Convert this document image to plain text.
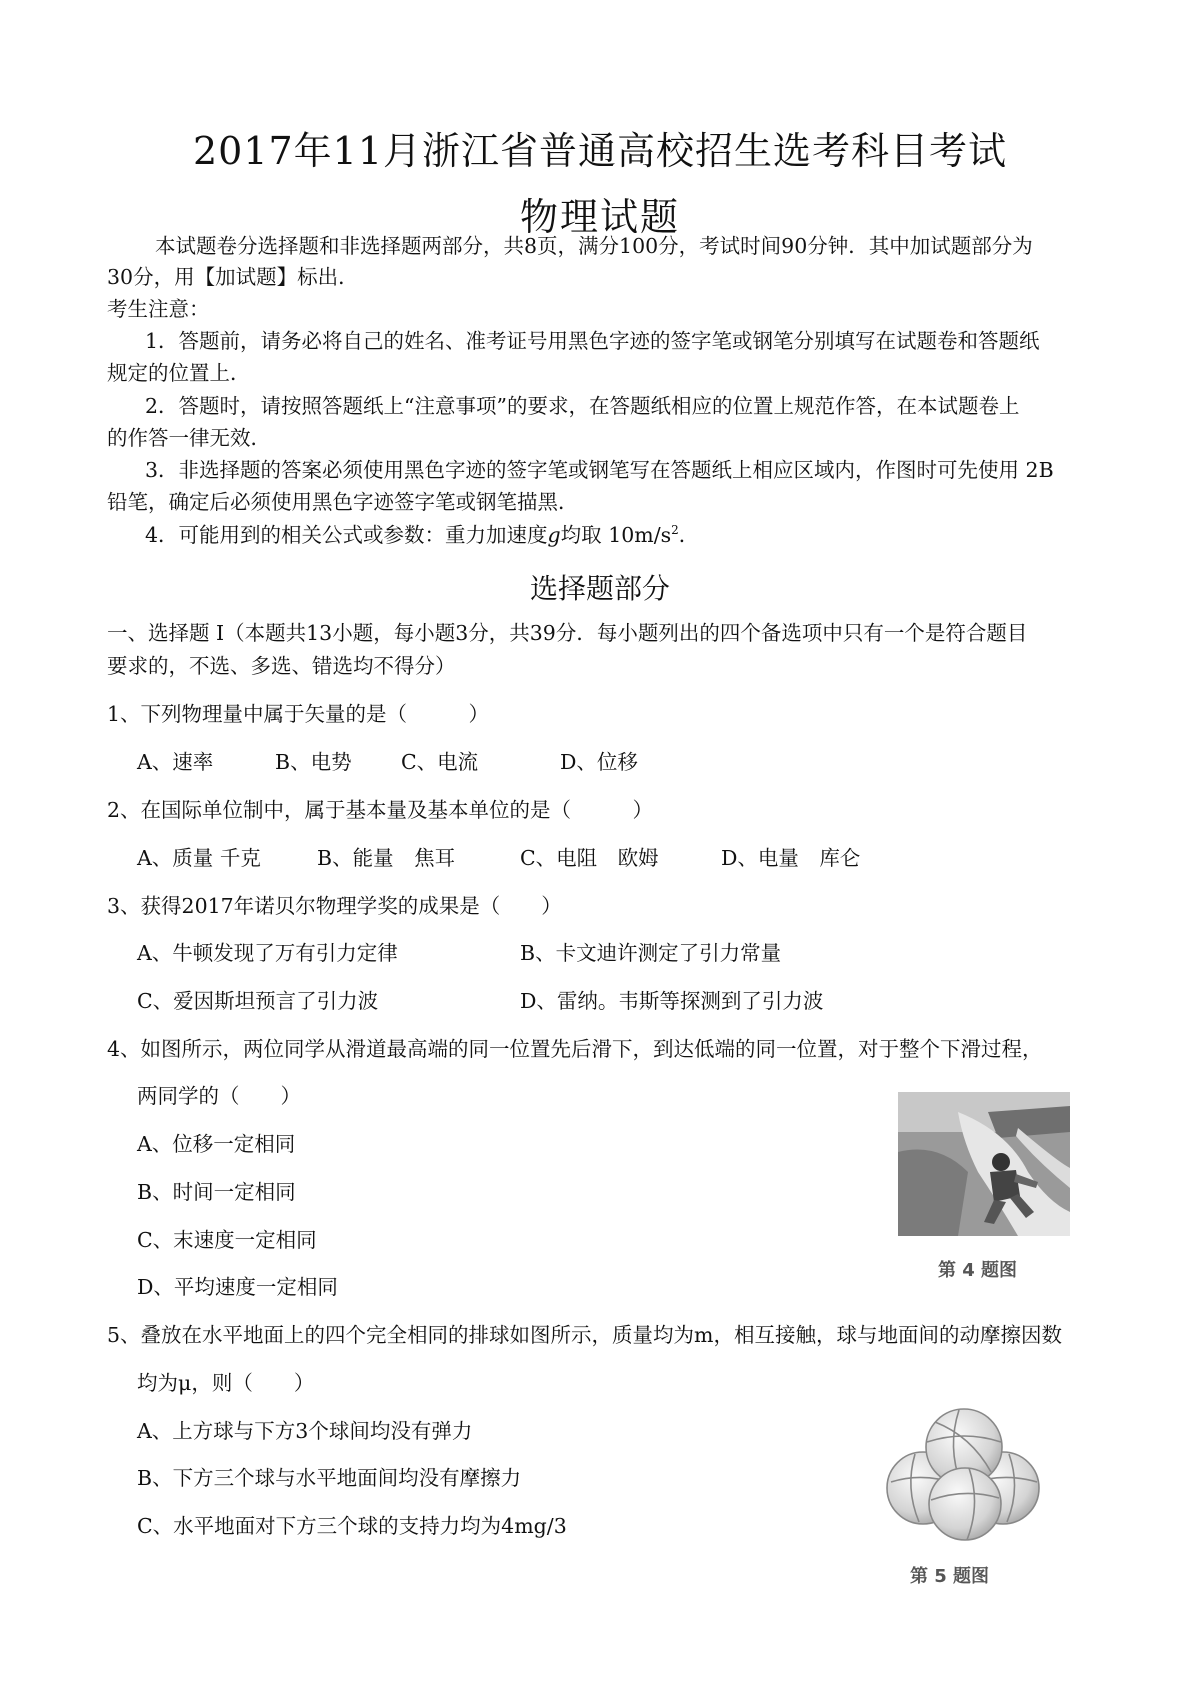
2017年11月浙江省普通高校招生选考科目考试
物理试题
本试题卷分选择题和非选择题两部分，共8页，满分100分，考试时间90分钟．其中加试题部分为
30分，用【加试题】标出．
考生注意：
1．答题前，请务必将自己的姓名、准考证号用黑色字迹的签字笔或钢笔分别填写在试题卷和答题纸
规定的位置上．
2．答题时，请按照答题纸上“注意事项”的要求，在答题纸相应的位置上规范作答，在本试题卷上
的作答一律无效．
3．非选择题的答案必须使用黑色字迹的签字笔或钢笔写在答题纸上相应区域内，作图时可先使用 2B
铅笔，确定后必须使用黑色字迹签字笔或钢笔描黑．
4．可能用到的相关公式或参数：重力加速度g均取 $10m/s^2$．
选择题部分
一、选择题 I（本题共13小题，每小题3分，共39分．每小题列出的四个备选项中只有一个是符合题目
要求的，不选、多选、错选均不得分）
1、下列物理量中属于矢量的是（　　　）
A、速率	B、电势 C、电流	D、位移
2、在国际单位制中，属于基本量及基本单位的是（　　　）
A、质量 千克	B、能量　焦耳	C、电阻　欧姆	D、电量　库仑
3、获得2017年诺贝尔物理学奖的成果是（　　）
A、牛顿发现了万有引力定律	B、卡文迪许测定了引力常量
C、爱因斯坦预言了引力波	D、雷纳。韦斯等探测到了引力波
4、如图所示，两位同学从滑道最高端的同一位置先后滑下，到达低端的同一位置，对于整个下滑过程，
两同学的（　　）
A、位移一定相同
B、时间一定相同
C、末速度一定相同
D、平均速度一定相同
第 4 题图
5、叠放在水平地面上的四个完全相同的排球如图所示，质量均为m，相互接触，球与地面间的动摩擦因数
均为μ，则（　　）
A、上方球与下方3个球间均没有弹力
B、下方三个球与水平地面间均没有摩擦力
C、水平地面对下方三个球的支持力均为4mg/3
第 5 题图
